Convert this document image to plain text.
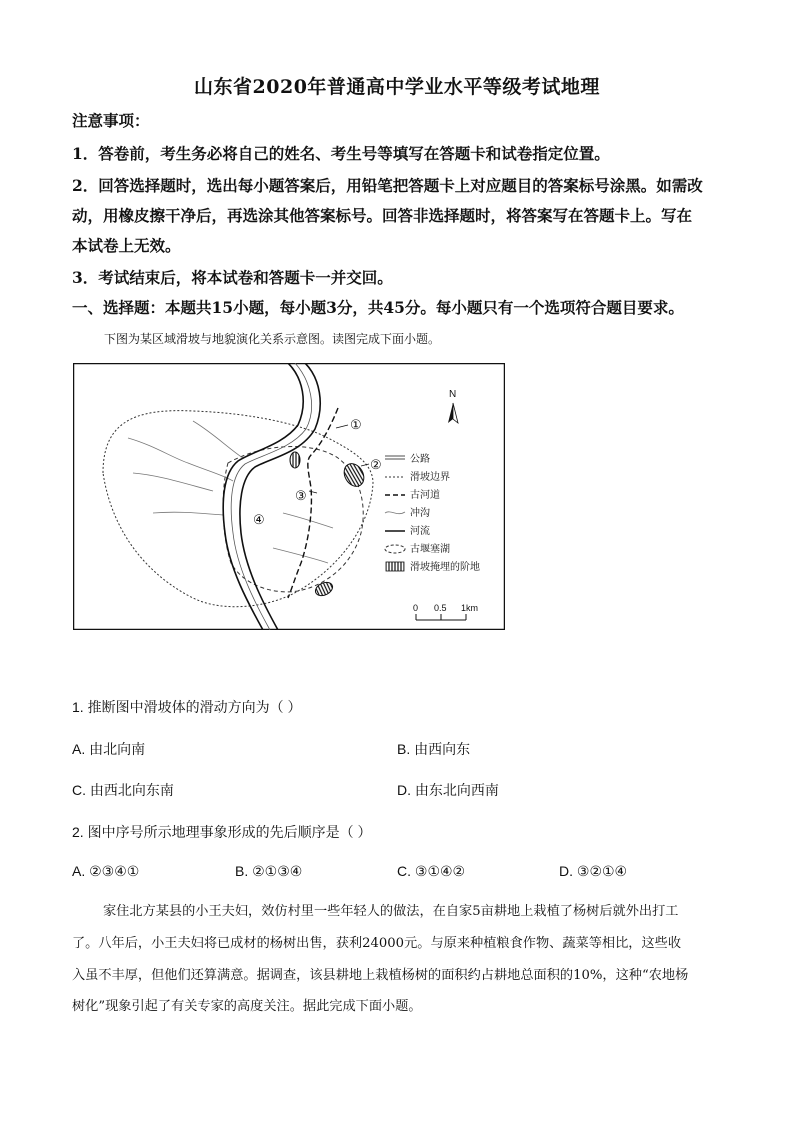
山东省2020年普通高中学业水平等级考试地理
注意事项：
1．答卷前，考生务必将自己的姓名、考生号等填写在答题卡和试卷指定位置。
2．回答选择题时，选出每小题答案后，用铅笔把答题卡上对应题目的答案标号涂黑。如需改
动，用橡皮擦干净后，再选涂其他答案标号。回答非选择题时，将答案写在答题卡上。写在
本试卷上无效。
3．考试结束后，将本试卷和答题卡一并交回。
一、选择题：本题共15小题，每小题3分，共45分。每小题只有一个选项符合题目要求。
下图为某区域滑坡与地貌演化关系示意图。读图完成下面小题。
①
②
③
④
N
公路
滑坡边界
古河道
冲沟
河流
古堰塞湖
滑坡掩埋的阶地
0 0.5 1km
1. 推断图中滑坡体的滑动方向为（ ）
A. 由北向南	B. 由西向东
C. 由西北向东南	D. 由东北向西南
2. 图中序号所示地理事象形成的先后顺序是（ ）
A. ②③④①	B. ②①③④	C. ③①④②	D. ③②①④
家住北方某县的小王夫妇，效仿村里一些年轻人的做法，在自家5亩耕地上栽植了杨树后就外出打工
了。八年后，小王夫妇将已成材的杨树出售，获利24000元。与原来种植粮食作物、蔬菜等相比，这些收
入虽不丰厚，但他们还算满意。据调查，该县耕地上栽植杨树的面积约占耕地总面积的10%，这种“农地杨
树化”现象引起了有关专家的高度关注。据此完成下面小题。
